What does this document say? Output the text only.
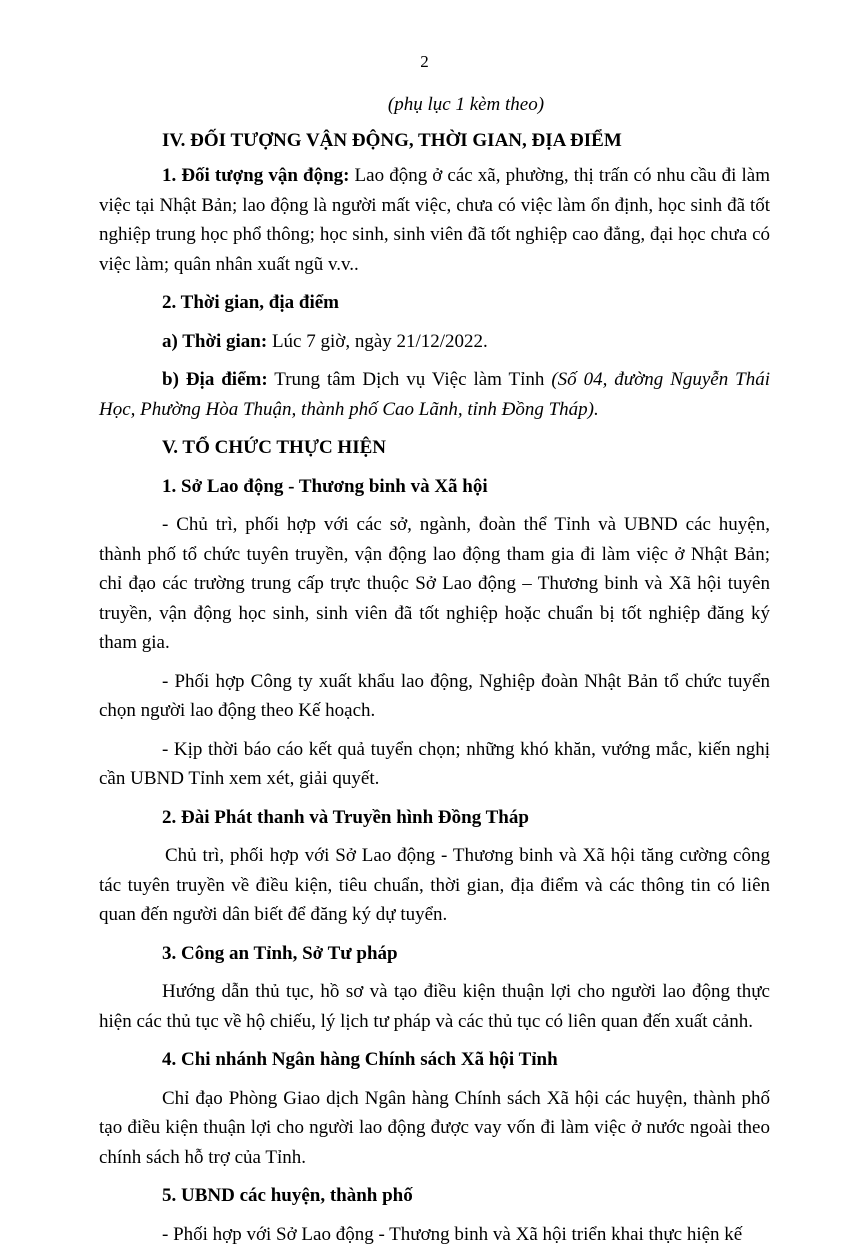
2

(phụ lục 1 kèm theo)

IV. ĐỐI TƯỢNG VẬN ĐỘNG, THỜI GIAN, ĐỊA ĐIỂM

1. Đối tượng vận động: Lao động ở các xã, phường, thị trấn có nhu cầu đi làm việc tại Nhật Bản; lao động là người mất việc, chưa có việc làm ổn định, học sinh đã tốt nghiệp trung học phổ thông; học sinh, sinh viên đã tốt nghiệp cao đẳng, đại học chưa có việc làm; quân nhân xuất ngũ v.v..

2. Thời gian, địa điểm

a) Thời gian: Lúc 7 giờ, ngày 21/12/2022.

b) Địa điểm: Trung tâm Dịch vụ Việc làm Tỉnh (Số 04, đường Nguyễn Thái Học, Phường Hòa Thuận, thành phố Cao Lãnh, tỉnh Đồng Tháp).

V. TỔ CHỨC THỰC HIỆN

1. Sở Lao động - Thương binh và Xã hội

- Chủ trì, phối hợp với các sở, ngành, đoàn thể Tỉnh và UBND các huyện, thành phố tổ chức tuyên truyền, vận động lao động tham gia đi làm việc ở Nhật Bản; chỉ đạo các trường trung cấp trực thuộc Sở Lao động – Thương binh và Xã hội tuyên truyền, vận động học sinh, sinh viên đã tốt nghiệp hoặc chuẩn bị tốt nghiệp đăng ký tham gia.

- Phối hợp Công ty xuất khẩu lao động, Nghiệp đoàn Nhật Bản tổ chức tuyển chọn người lao động theo Kế hoạch.

- Kịp thời báo cáo kết quả tuyển chọn; những khó khăn, vướng mắc, kiến nghị cần UBND Tỉnh xem xét, giải quyết.

2. Đài Phát thanh và Truyền hình Đồng Tháp

Chủ trì, phối hợp với Sở Lao động - Thương binh và Xã hội tăng cường công tác tuyên truyền về điều kiện, tiêu chuẩn, thời gian, địa điểm và các thông tin có liên quan đến người dân biết để đăng ký dự tuyển.

3. Công an Tỉnh, Sở Tư pháp

Hướng dẫn thủ tục, hồ sơ và tạo điều kiện thuận lợi cho người lao động thực hiện các thủ tục về hộ chiếu, lý lịch tư pháp và các thủ tục có liên quan đến xuất cảnh.

4. Chi nhánh Ngân hàng Chính sách Xã hội Tỉnh

Chỉ đạo Phòng Giao dịch Ngân hàng Chính sách Xã hội các huyện, thành phố tạo điều kiện thuận lợi cho người lao động được vay vốn đi làm việc ở nước ngoài theo chính sách hỗ trợ của Tỉnh.

5. UBND các huyện, thành phố

- Phối hợp với Sở Lao động - Thương binh và Xã hội triển khai thực hiện kế
